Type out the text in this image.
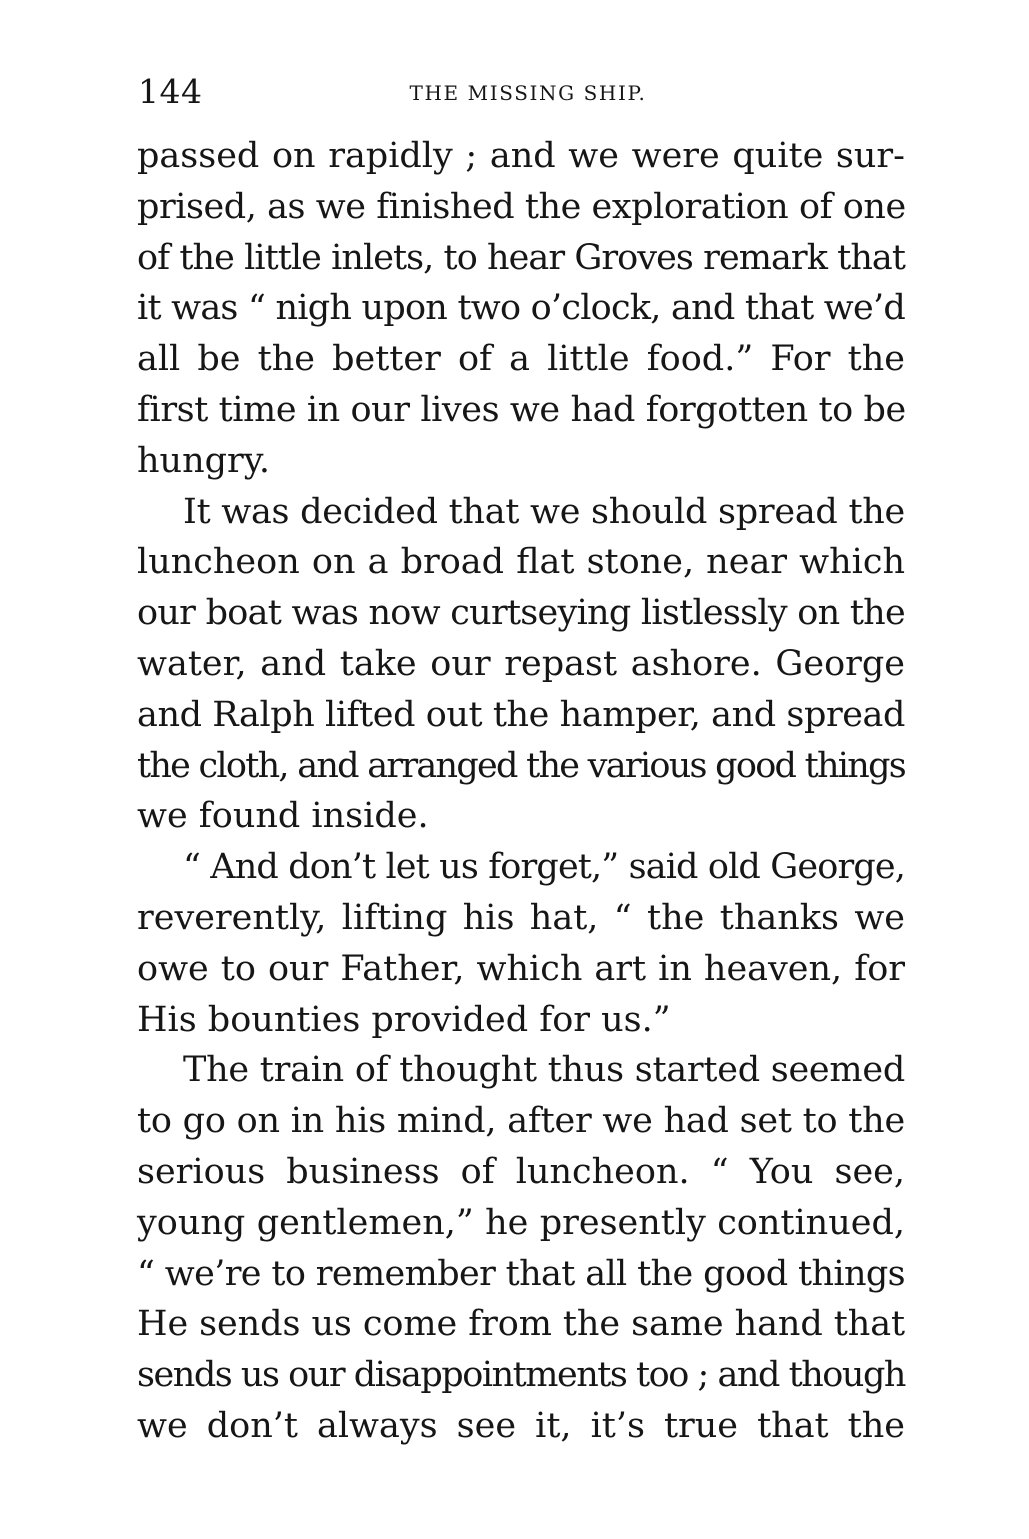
144	THE MISSING SHIP.
passed on rapidly ; and we were quite sur-
prised, as we finished the exploration of one
of the little inlets, to hear Groves remark that
it was “ nigh upon two o’clock, and that we’d
all be the better of a little food.” For the
first time in our lives we had forgotten to be
hungry.
It was decided that we should spread the
luncheon on a broad flat stone, near which
our boat was now curtseying listlessly on the
water, and take our repast ashore. George
and Ralph lifted out the hamper, and spread
the cloth, and arranged the various good things
we found inside.
“ And don’t let us forget,” said old George,
reverently, lifting his hat, “ the thanks we
owe to our Father, which art in heaven, for
His bounties provided for us.”
The train of thought thus started seemed
to go on in his mind, after we had set to the
serious business of luncheon. “ You see,
young gentlemen,” he presently continued,
“ we’re to remember that all the good things
He sends us come from the same hand that
sends us our disappointments too ; and though
we don’t always see it, it’s true that the
